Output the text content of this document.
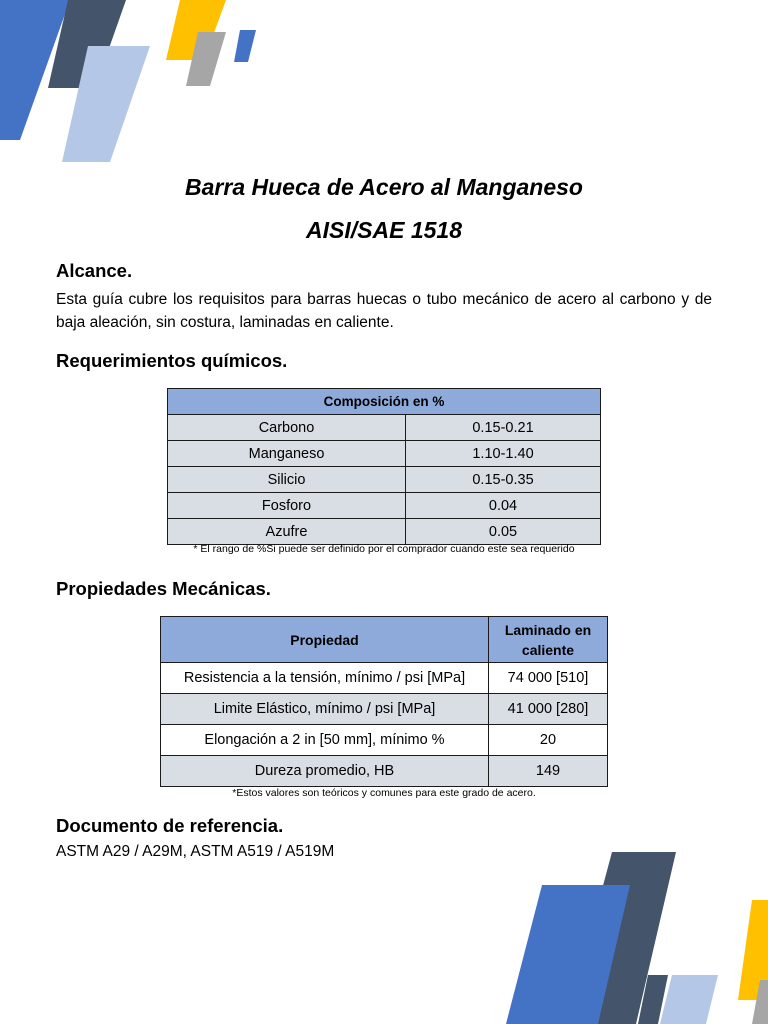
Barra Hueca de Acero al Manganeso
AISI/SAE 1518
Alcance.

Esta guía cubre los requisitos para barras huecas o tubo mecánico de acero al carbono y de baja aleación, sin costura, laminadas en caliente.

Requerimientos químicos.
Composición en %	
Carbono	0.15-0.21
Manganeso	1.10-1.40
Silicio	0.15-0.35
Fosforo	0.04
Azufre	0.05

* El rango de %Si puede ser definido por el comprador cuando este sea requerido

Propiedades Mecánicas.
Propiedad	Laminado en
caliente
Resistencia a la tensión, mínimo / psi [MPa]	74 000 [510]
Limite Elástico, mínimo / psi [MPa]	41 000 [280]
Elongación a 2 in [50 mm], mínimo %	20
Dureza promedio, HB	149

*Estos valores son teóricos y comunes para este grado de acero.

Documento de referencia.

ASTM A29 / A29M, ASTM A519 / A519M
